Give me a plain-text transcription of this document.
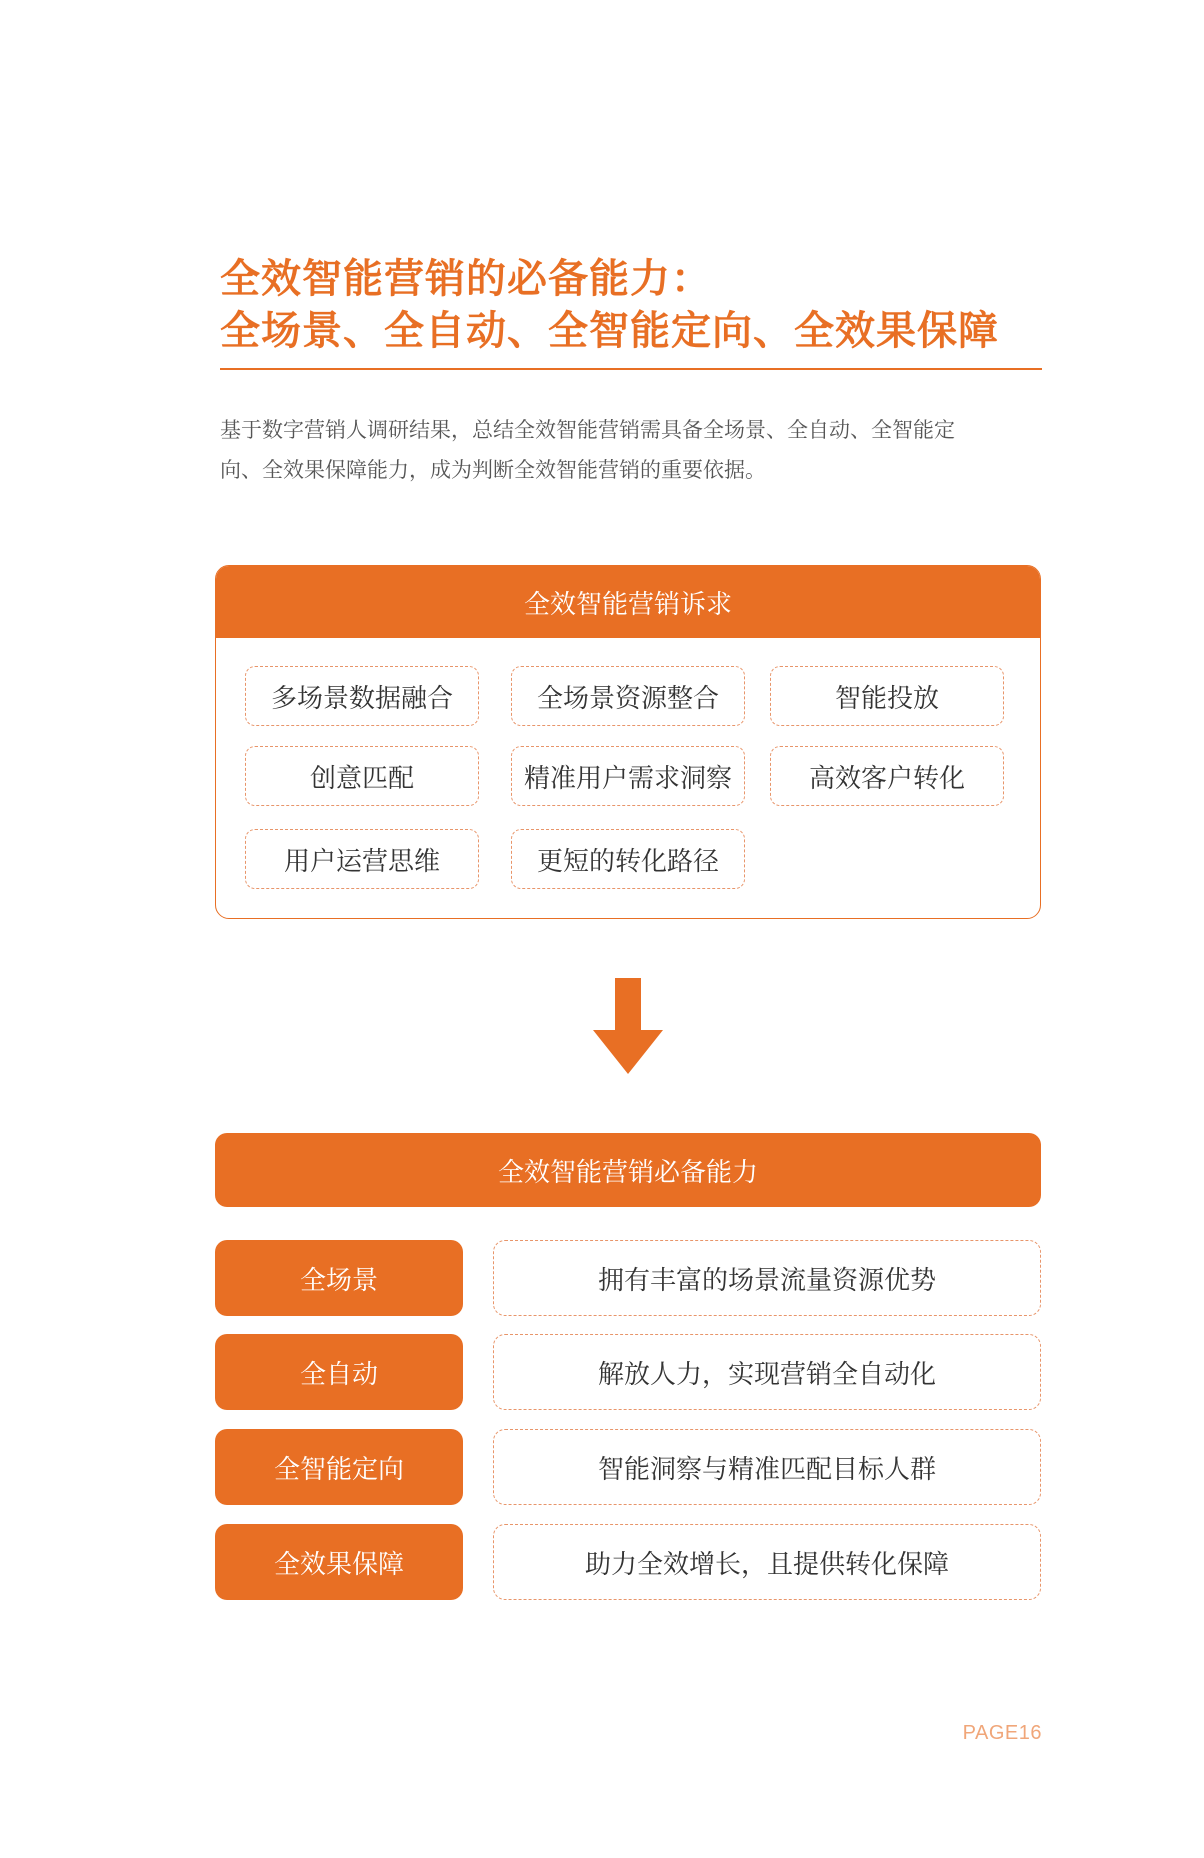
全效智能营销的必备能力：
全场景、全自动、全智能定向、全效果保障
基于数字营销人调研结果，总结全效智能营销需具备全场景、全自动、全智能定
向、全效果保障能力，成为判断全效智能营销的重要依据。
全效智能营销诉求
多场景数据融合	全场景资源整合	智能投放
创意匹配	精准用户需求洞察	高效客户转化
用户运营思维	更短的转化路径
全效智能营销必备能力
全场景	拥有丰富的场景流量资源优势
全自动	解放人力，实现营销全自动化
全智能定向	智能洞察与精准匹配目标人群
全效果保障	助力全效增长，且提供转化保障
PAGE16
